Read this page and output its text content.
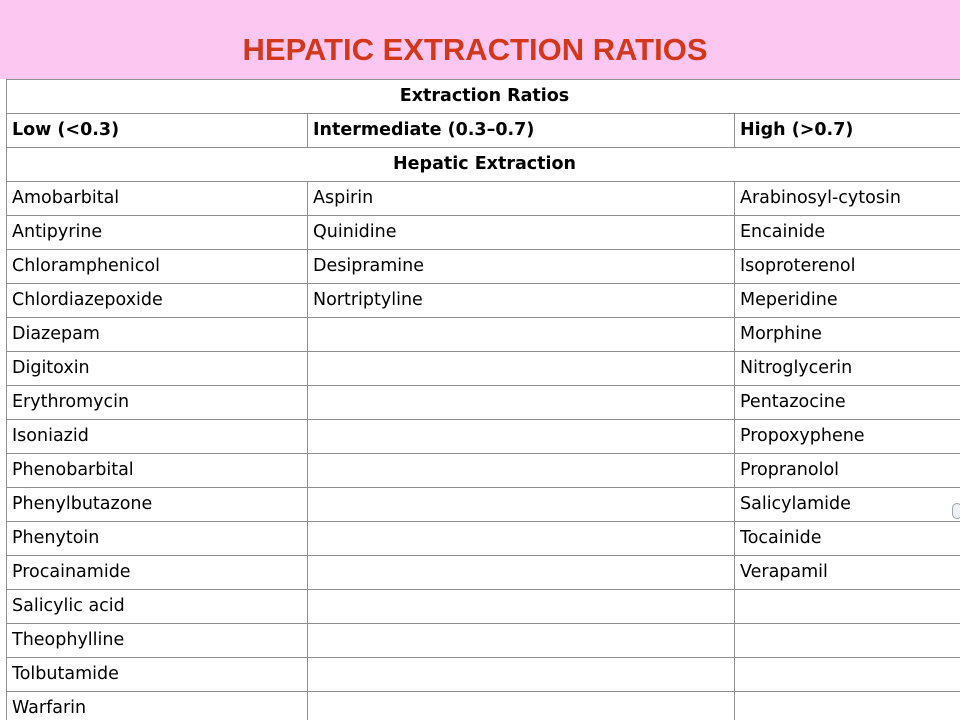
HEPATIC EXTRACTION RATIOS
Extraction Ratios		
Low (<0.3)	Intermediate (0.3–0.7)	High (>0.7)
Hepatic Extraction		
Amobarbital	Aspirin	Arabinosyl-cytosin
Antipyrine	Quinidine	Encainide
Chloramphenicol	Desipramine	Isoproterenol
Chlordiazepoxide	Nortriptyline	Meperidine
Diazepam		Morphine
Digitoxin		Nitroglycerin
Erythromycin		Pentazocine
Isoniazid		Propoxyphene
Phenobarbital		Propranolol
Phenylbutazone		Salicylamide
Phenytoin		Tocainide
Procainamide		Verapamil
Salicylic acid		
Theophylline		
Tolbutamide		
Warfarin		
